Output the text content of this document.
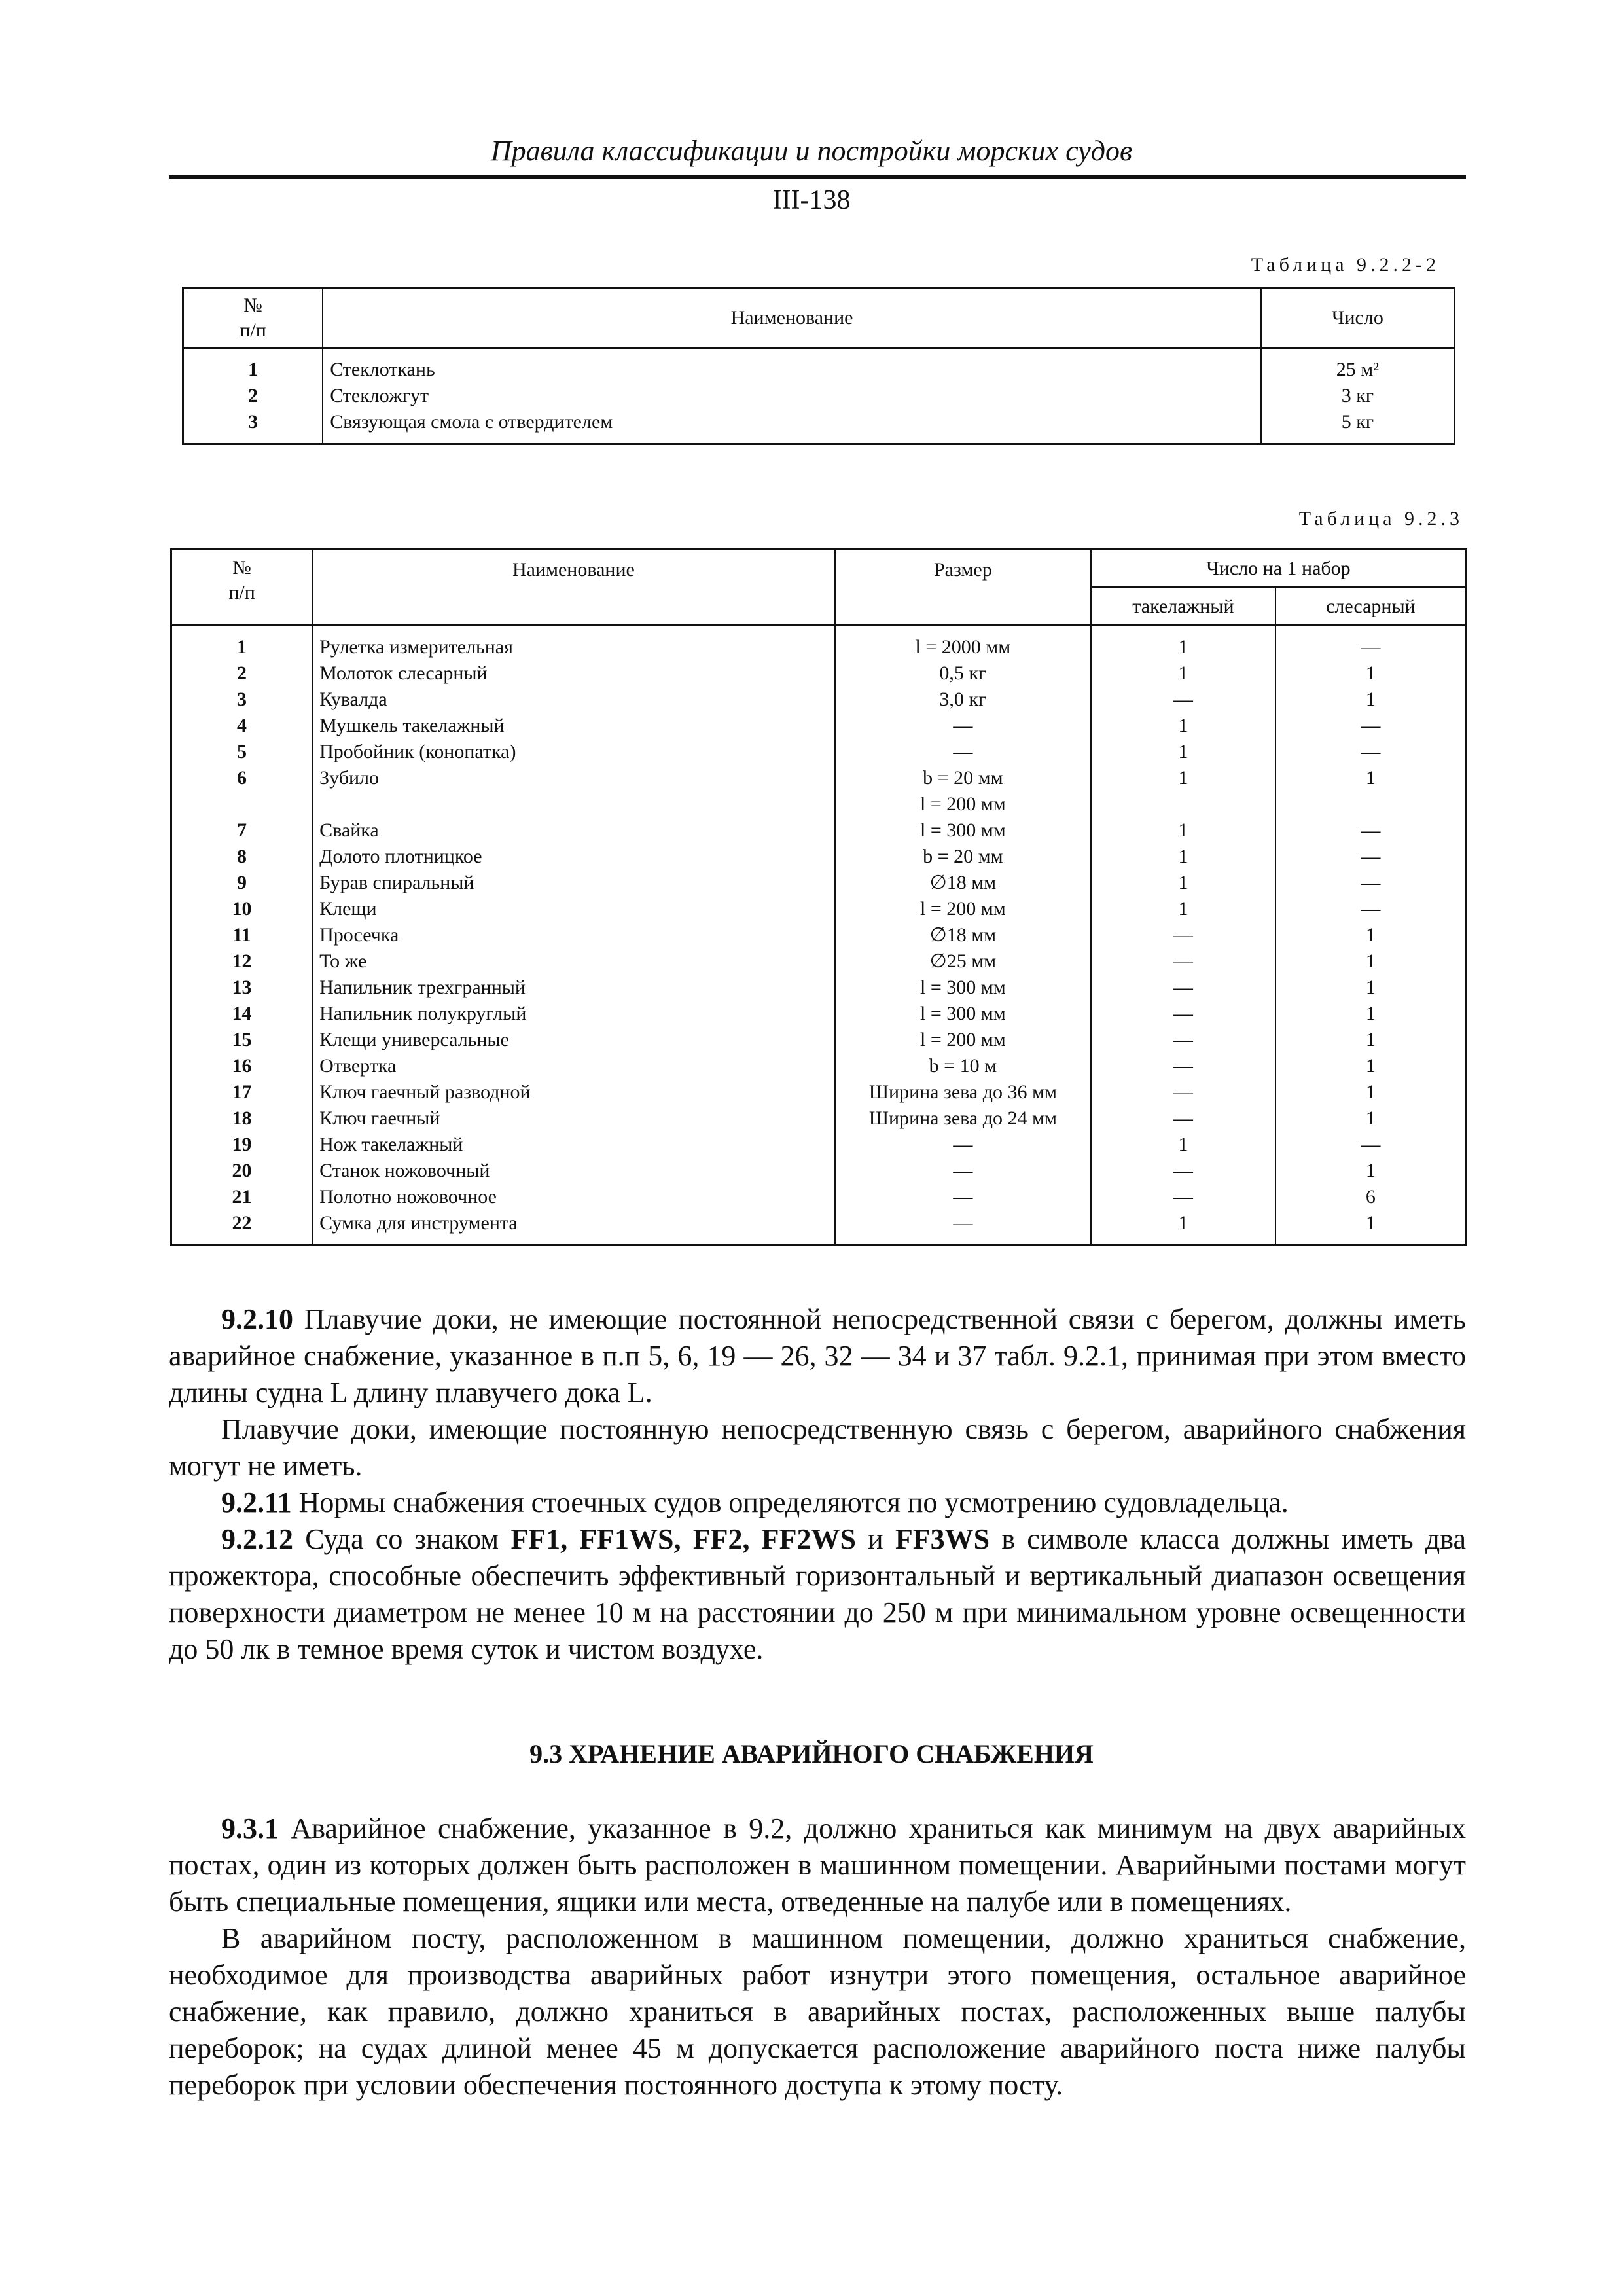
Правила классификации и постройки морских судов
III-138
Таблица 9.2.2-2
№
п/п	Наименование	Число
1	Стеклоткань	25 м²
2	Стекложгут	3 кг
3	Связующая смола с отвердителем	5 кг
Таблица 9.2.3
№
п/п	Наименование	Размер	Число на 1 набор	
			такелажный	слесарный
1	Рулетка измерительная	l = 2000 мм	1	—
2	Молоток слесарный	0,5 кг	1	1
3	Кувалда	3,0 кг	—	1
4	Мушкель такелажный	—	1	—
5	Пробойник (конопатка)	—	1	—
6	Зубило	b = 20 мм	1	1
		l = 200 мм		
7	Свайка	l = 300 мм	1	—
8	Долото плотницкое	b = 20 мм	1	—
9	Бурав спиральный	∅18 мм	1	—
10	Клещи	l = 200 мм	1	—
11	Просечка	∅18 мм	—	1
12	То же	∅25 мм	—	1
13	Напильник трехгранный	l = 300 мм	—	1
14	Напильник полукруглый	l = 300 мм	—	1
15	Клещи универсальные	l = 200 мм	—	1
16	Отвертка	b = 10 м	—	1
17	Ключ гаечный разводной	Ширина зева до 36 мм	—	1
18	Ключ гаечный	Ширина зева до 24 мм	—	1
19	Нож такелажный	—	1	—
20	Станок ножовочный	—	—	1
21	Полотно ножовочное	—	—	6
22	Сумка для инструмента	—	1	1

9.2.10 Плавучие доки, не имеющие постоянной непосредственной связи с берегом, должны иметь аварийное снабжение, указанное в п.п 5, 6, 19 — 26, 32 — 34 и 37 табл. 9.2.1, принимая при этом вместо длины судна L длину плавучего дока L.

Плавучие доки, имеющие постоянную непосредственную связь с берегом, аварийного снабжения могут не иметь.

9.2.11 Нормы снабжения стоечных судов определяются по усмотрению судовладельца.

9.2.12 Суда со знаком FF1, FF1WS, FF2, FF2WS и FF3WS в символе класса должны иметь два прожектора, способные обеспечить эффективный горизонтальный и вертикальный диапазон освещения поверхности диаметром не менее 10 м на расстоянии до 250 м при минимальном уровне освещенности до 50 лк в темное время суток и чистом воздухе.

9.3 ХРАНЕНИЕ АВАРИЙНОГО СНАБЖЕНИЯ

9.3.1 Аварийное снабжение, указанное в 9.2, должно храниться как минимум на двух аварийных постах, один из которых должен быть расположен в машинном помещении. Аварийными постами могут быть специальные помещения, ящики или места, отведенные на палубе или в помещениях.

В аварийном посту, расположенном в машинном помещении, должно храниться снабжение, необходимое для производства аварийных работ изнутри этого помещения, остальное аварийное снабжение, как правило, должно храниться в аварийных постах, расположенных выше палубы переборок; на судах длиной менее 45 м допускается расположение аварийного поста ниже палубы переборок при условии обеспечения постоянного доступа к этому посту.
